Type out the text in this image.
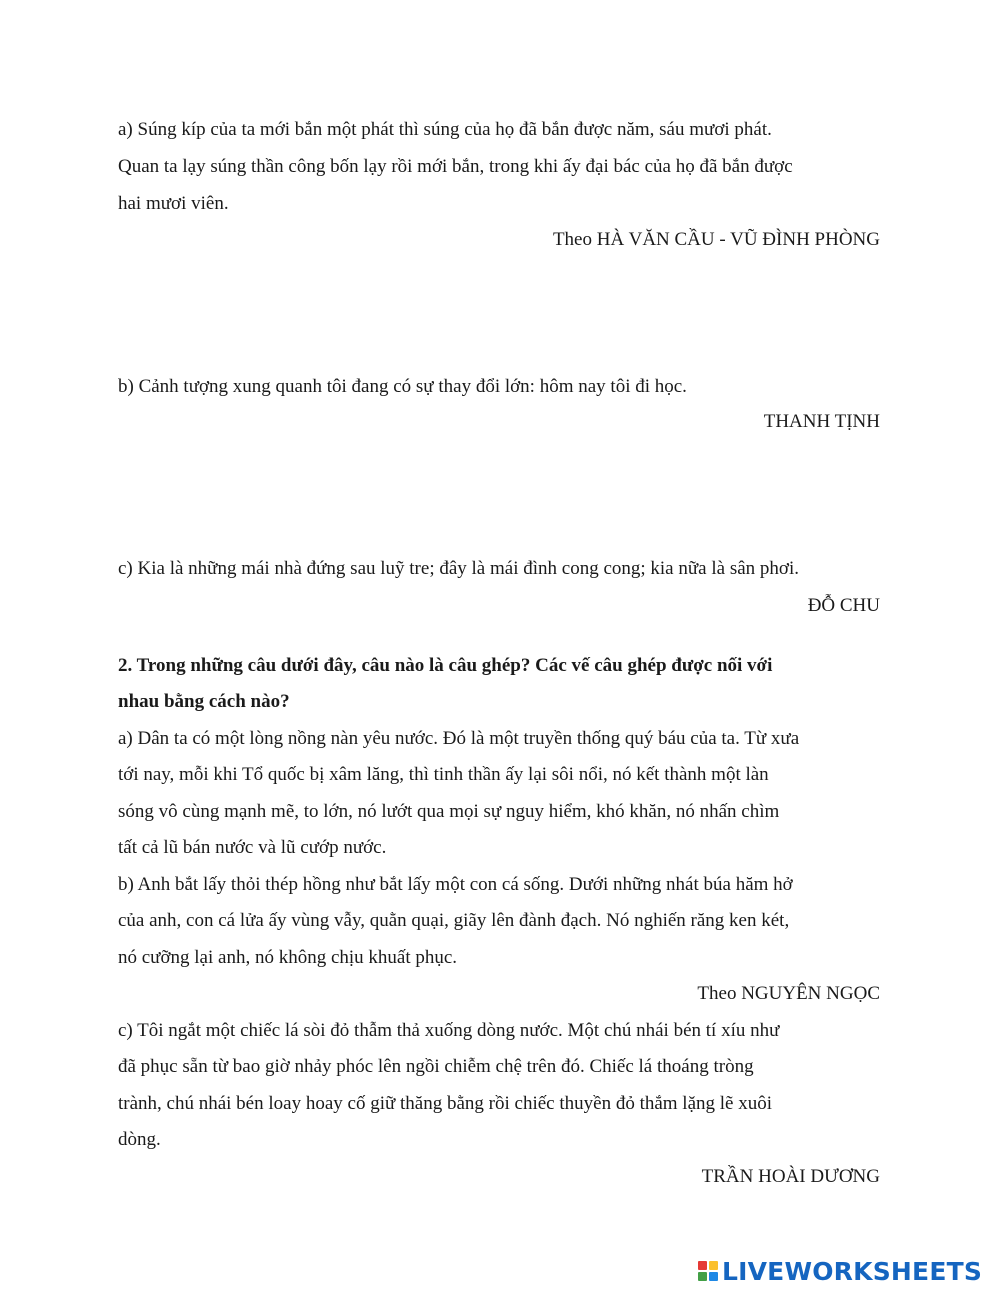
a) Súng kíp của ta mới bắn một phát thì súng của họ đã bắn được năm, sáu mươi phát.

Quan ta lạy súng thần công bốn lạy rồi mới bắn, trong khi ấy đại bác của họ đã bắn được

hai mươi viên.

Theo HÀ VĂN CẦU - VŨ ĐÌNH PHÒNG

b) Cảnh tượng xung quanh tôi đang có sự thay đổi lớn: hôm nay tôi đi học.

THANH TỊNH

c) Kia là những mái nhà đứng sau luỹ tre; đây là mái đình cong cong; kia nữa là sân phơi.

ĐỖ CHU

2. Trong những câu dưới đây, câu nào là câu ghép? Các vế câu ghép được nối với

nhau bằng cách nào?

a) Dân ta có một lòng nồng nàn yêu nước. Đó là một truyền thống quý báu của ta. Từ xưa

tới nay, mỗi khi Tổ quốc bị xâm lăng, thì tinh thần ấy lại sôi nổi, nó kết thành một làn

sóng vô cùng mạnh mẽ, to lớn, nó lướt qua mọi sự nguy hiểm, khó khăn, nó nhấn chìm

tất cả lũ bán nước và lũ cướp nước.

b) Anh bắt lấy thỏi thép hồng như bắt lấy một con cá sống. Dưới những nhát búa hăm hở

của anh, con cá lửa ấy vùng vẫy, quằn quại, giãy lên đành đạch. Nó nghiến răng ken két,

nó cưỡng lại anh, nó không chịu khuất phục.

Theo NGUYÊN NGỌC

c) Tôi ngắt một chiếc lá sòi đỏ thẫm thả xuống dòng nước. Một chú nhái bén tí xíu như

đã phục sẵn từ bao giờ nhảy phóc lên ngồi chiễm chệ trên đó. Chiếc lá thoáng tròng

trành, chú nhái bén loay hoay cố giữ thăng bằng rồi chiếc thuyền đỏ thắm lặng lẽ xuôi

dòng.

TRẦN HOÀI DƯƠNG

LIVEWORKSHEETS
